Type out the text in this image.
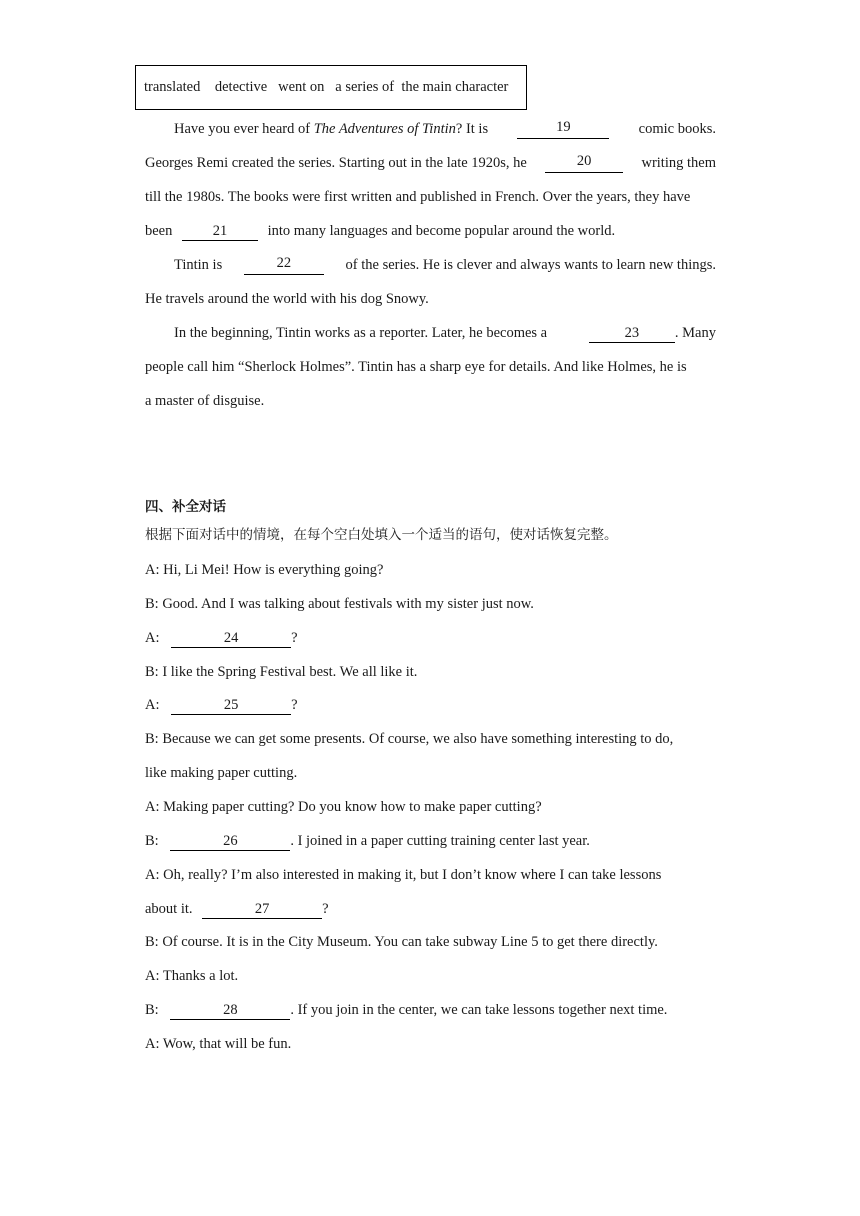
translated
detective
went on
a series of
the main character
Have you ever heard of The Adventures of Tintin? It is	19	comic books.
Georges Remi created the series. Starting out in the late 1920s, he	20	writing them
till the 1980s. The books were first written and published in French. Over the years, they have
been	21	into many languages and become popular around the world.
Tintin is	22	of the series. He is clever and always wants to learn new things.
He travels around the world with his dog Snowy.
In the beginning, Tintin works as a reporter. Later, he becomes a	23 . Many
people call him “Sherlock Holmes”. Tintin has a sharp eye for details. And like Holmes, he is
a master of disguise.
四、补全对话
根据下面对话中的情境，在每个空白处填入一个适当的语句，使对话恢复完整。
A: Hi, Li Mei! How is everything going?
B: Good. And I was talking about festivals with my sister just now.
A:	24	?
B: I like the Spring Festival best. We all like it.
A:	25	?
B: Because we can get some presents. Of course, we also have something interesting to do,
like making paper cutting.
A: Making paper cutting? Do you know how to make paper cutting?
B:	26	. I joined in a paper cutting training center last year.
A: Oh, really? I’m also interested in making it, but I don’t know where I can take lessons
about it.	27	?
B: Of course. It is in the City Museum. You can take subway Line 5 to get there directly.
A: Thanks a lot.
B:	28	. If you join in the center, we can take lessons together next time.
A: Wow, that will be fun.
